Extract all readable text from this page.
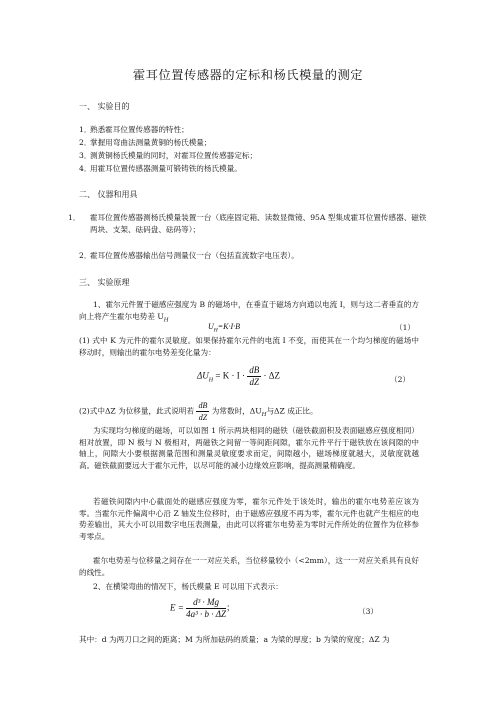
霍耳位置传感器的定标和杨氏模量的测定
一、 实验目的
1．熟悉霍耳位置传感器的特性；
2．掌握用弯曲法测量黄铜的杨氏模量；
3．测黄铜杨氏模量的同时，对霍耳位置传感器定标；
4．用霍耳位置传感器测量可锻铸铁的杨氏模量。
二、 仪器和用具
1． 霍耳位置传感器测杨氏模量装置一台（底座固定箱、读数显微镜、95A 型集成霍耳位置传感器、磁铁两块、支架、砝码盘、砝码等）；
2．霍耳位置传感器输出信号测量仪一台（包括直流数字电压表）。
三、 实验原理
1、霍尔元件置于磁感应强度为 B 的磁场中，在垂直于磁场方向通以电流 I，则与这二者垂直的方向上将产生霍尔电势差 $U_H$
$U_H=K\cdot I\cdot B$	（1）
(1) 式中 K 为元件的霍尔灵敏度。如果保持霍尔元件的电流 I 不变，而使其在一个均匀梯度的磁场中移动时，则输出的霍尔电势差变化量为：
$\Delta U_H = K \cdot I \cdot \frac{dB}{dZ} \cdot \Delta Z$	（2）
(2)式中ΔZ 为位移量，此式说明若 $\frac{dB}{dZ}$ 为常数时，$\Delta U_H$与ΔZ 成正比。
为实现均匀梯度的磁场，可以如图 1 所示两块相同的磁铁（磁铁截面积及表面磁感应强度相同）相对放置，即 N 极与 N 极相对，两磁铁之间留一等间距间隙，霍尔元件平行于磁铁放在该间隙的中轴上，间隙大小要根据测量范围和测量灵敏度要求而定，间隙越小，磁场梯度就越大，灵敏度就越高。磁铁截面要远大于霍尔元件，以尽可能的减小边缘效应影响，提高测量精确度。
若磁铁间隙内中心截面处的磁感应强度为零，霍尔元件处于该处时，输出的霍尔电势差应该为零。当霍尔元件偏离中心沿 Z 轴发生位移时，由于磁感应强度不再为零，霍尔元件也就产生相应的电势差输出，其大小可以用数字电压表测量，由此可以将霍尔电势差为零时元件所处的位置作为位移参考零点。
霍尔电势差与位移量之间存在一一对应关系，当位移量较小（<2mm），这一一对应关系具有良好的线性。
2、在横梁弯曲的情况下，杨氏模量 E 可以用下式表示：
$E = \frac{\text{d³ · Mg}}{\text{4a³ · b · ΔZ}}$ ；	（3）
其中：d 为两刀口之间的距离；M 为所加砝码的质量；a 为梁的厚度；b 为梁的宽度；ΔZ 为
